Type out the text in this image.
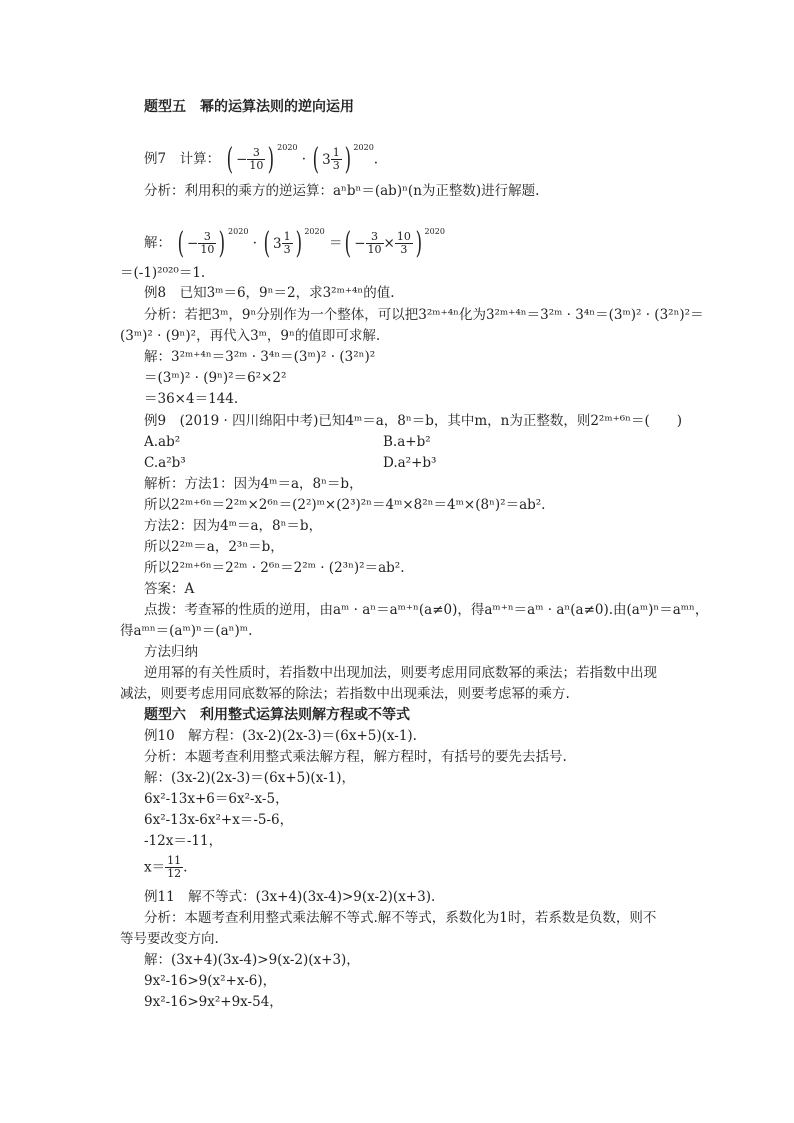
题型五　幂的运算法则的逆向运用
例7　计算： ( − $\frac{3}{10}$ ) $^{2020}$ · ( $3 \frac{1}{3}$ ) $^{2020}$.
分析：利用积的乘方的逆运算：aⁿbⁿ＝(ab)ⁿ(n为正整数)进行解题.
解： ( − $\frac{3}{10}$ ) $^{2020}$ · ( $3 \frac{1}{3}$ ) $^{2020}$ ＝( − $\frac{3}{10} \times \frac{10}{3}$ ) $^{2020}$
＝(-1)²⁰²⁰＝1.
例8　已知3ᵐ＝6，9ⁿ＝2，求3²ᵐ⁺⁴ⁿ的值.
分析：若把3ᵐ，9ⁿ分别作为一个整体，可以把3²ᵐ⁺⁴ⁿ化为3²ᵐ⁺⁴ⁿ＝3²ᵐ · 3⁴ⁿ＝(3ᵐ)² · (3²ⁿ)²＝
(3ᵐ)² · (9ⁿ)²，再代入3ᵐ，9ⁿ的值即可求解.
解：3²ᵐ⁺⁴ⁿ＝3²ᵐ · 3⁴ⁿ＝(3ᵐ)² · (3²ⁿ)²
＝(3ᵐ)² · (9ⁿ)²＝6²×2²
＝36×4＝144.
例9　(2019 · 四川绵阳中考)已知4ᵐ＝a，8ⁿ＝b，其中m，n为正整数，则2²ᵐ⁺⁶ⁿ＝(　　)
A.ab²	B.a+b²
C.a²b³	D.a²+b³
解析：方法1：因为4ᵐ＝a，8ⁿ＝b，
所以2²ᵐ⁺⁶ⁿ＝2²ᵐ×2⁶ⁿ＝(2²)ᵐ×(2³)²ⁿ＝4ᵐ×8²ⁿ＝4ᵐ×(8ⁿ)²＝ab².
方法2：因为4ᵐ＝a，8ⁿ＝b，
所以2²ᵐ＝a，2³ⁿ＝b，
所以2²ᵐ⁺⁶ⁿ＝2²ᵐ · 2⁶ⁿ＝2²ᵐ · (2³ⁿ)²＝ab².
答案：A
点拨：考查幂的性质的逆用，由aᵐ · aⁿ＝aᵐ⁺ⁿ(a≠0)，得aᵐ⁺ⁿ＝aᵐ · aⁿ(a≠0).由(aᵐ)ⁿ＝aᵐⁿ，
得aᵐⁿ＝(aᵐ)ⁿ＝(aⁿ)ᵐ.
方法归纳
逆用幂的有关性质时，若指数中出现加法，则要考虑用同底数幂的乘法；若指数中出现
减法，则要考虑用同底数幂的除法；若指数中出现乘法，则要考虑幂的乘方.
题型六　利用整式运算法则解方程或不等式
例10　解方程：(3x-2)(2x-3)＝(6x+5)(x-1).
分析：本题考查利用整式乘法解方程，解方程时，有括号的要先去括号.
解：(3x-2)(2x-3)＝(6x+5)(x-1)，
6x²-13x+6＝6x²-x-5，
6x²-13x-6x²+x＝-5-6，
-12x＝-11，
$x= \frac{11}{12}$ .
例11　解不等式：(3x+4)(3x-4)>9(x-2)(x+3).
分析：本题考查利用整式乘法解不等式.解不等式，系数化为1时，若系数是负数，则不
等号要改变方向.
解：(3x+4)(3x-4)>9(x-2)(x+3)，
9x²-16>9(x²+x-6)，
9x²-16>9x²+9x-54，
